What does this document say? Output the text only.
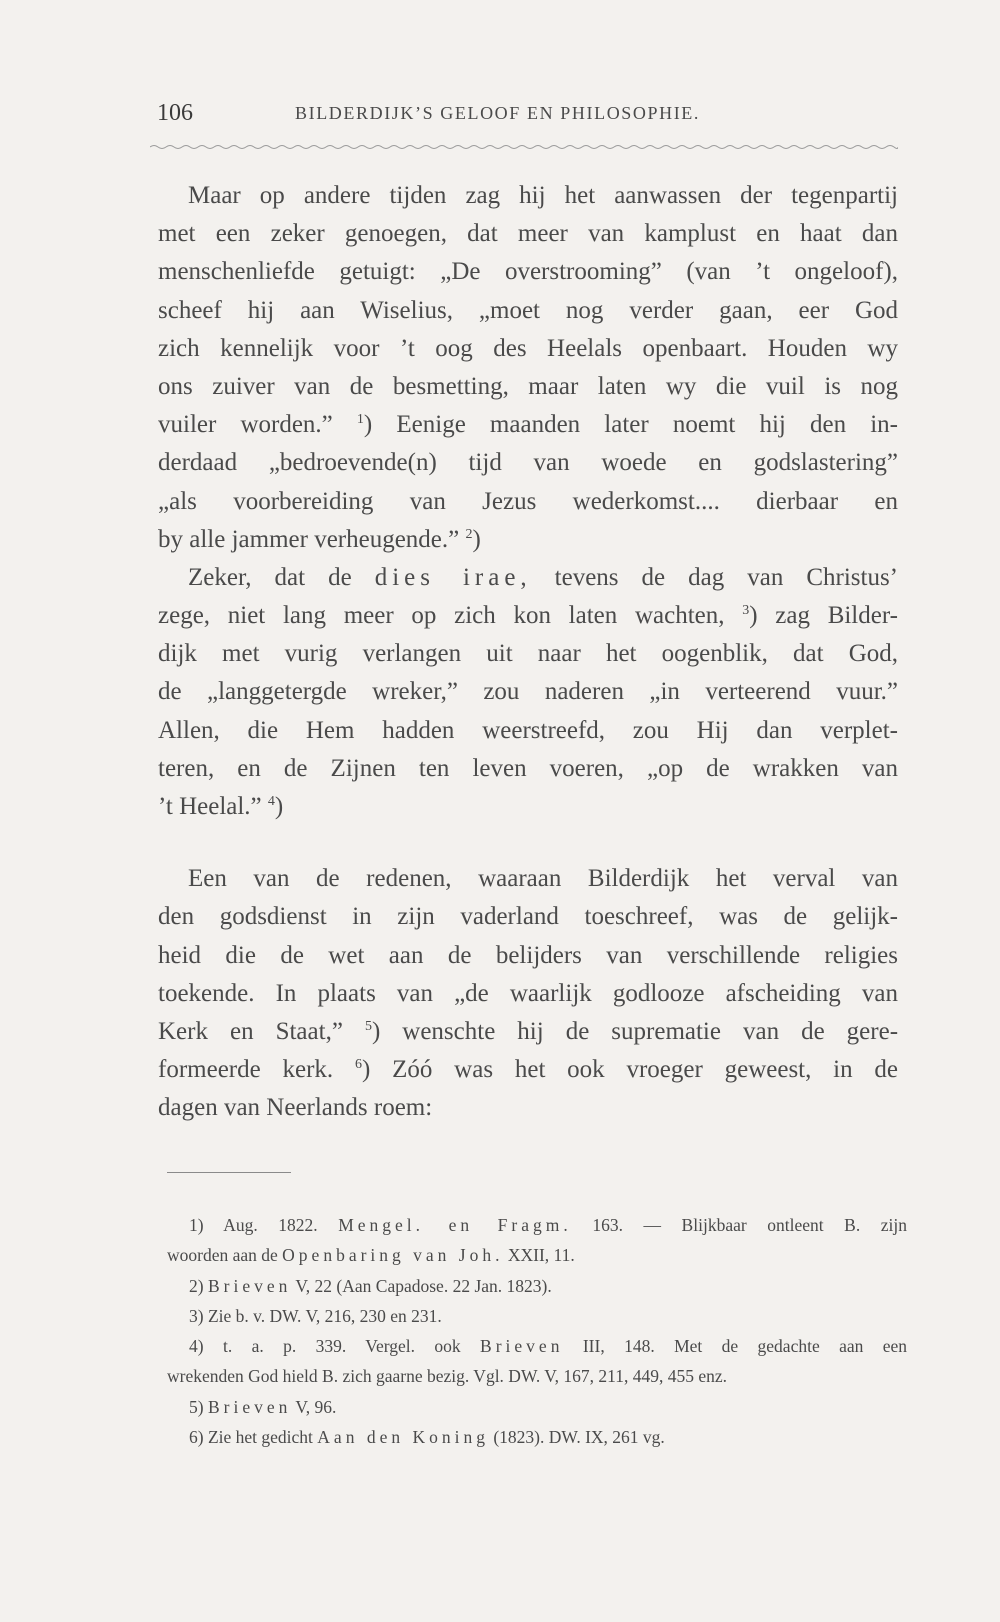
106	BILDERDIJK’S GELOOF EN PHILOSOPHIE.
Maar op andere tijden zag hij het aanwassen der tegenpartij
met een zeker genoegen, dat meer van kamplust en haat dan
menschenliefde getuigt: „De overstrooming” (van ’t ongeloof),
scheef hij aan Wiselius, „moet nog verder gaan, eer God
zich kennelijk voor ’t oog des Heelals openbaart. Houden wy
ons zuiver van de besmetting, maar laten wy die vuil is nog
vuiler worden.” $^1$) Eenige maanden later noemt hij den in-
derdaad „bedroevende(n) tijd van woede en godslastering”
„als voorbereiding van Jezus wederkomst.... dierbaar en
by alle jammer verheugende.” $^2$)
Zeker, dat de dies irae, tevens de dag van Christus’
zege, niet lang meer op zich kon laten wachten, $^3$) zag Bilder-
dijk met vurig verlangen uit naar het oogenblik, dat God,
de „langgetergde wreker,” zou naderen „in verteerend vuur.”
Allen, die Hem hadden weerstreefd, zou Hij dan verplet-
teren, en de Zijnen ten leven voeren, „op de wrakken van
’t Heelal.” $^4$)
Een van de redenen, waaraan Bilderdijk het verval van
den godsdienst in zijn vaderland toeschreef, was de gelijk-
heid die de wet aan de belijders van verschillende religies
toekende. In plaats van „de waarlijk godlooze afscheiding van
Kerk en Staat,” $^5$) wenschte hij de suprematie van de gere-
formeerde kerk. $^6$) Zóó was het ook vroeger geweest, in de
dagen van Neerlands roem:
1) Aug. 1822. Mengel. en Fragm. 163. — Blijkbaar ontleent B. zijn
woorden aan de Openbaring van Joh. XXII, 11.
2) Brieven V, 22 (Aan Capadose. 22 Jan. 1823).
3) Zie b. v. DW. V, 216, 230 en 231.
4) t. a. p. 339. Vergel. ook Brieven III, 148. Met de gedachte aan een
wrekenden God hield B. zich gaarne bezig. Vgl. DW. V, 167, 211, 449, 455 enz.
5) Brieven V, 96.
6) Zie het gedicht Aan den Koning (1823). DW. IX, 261 vg.
